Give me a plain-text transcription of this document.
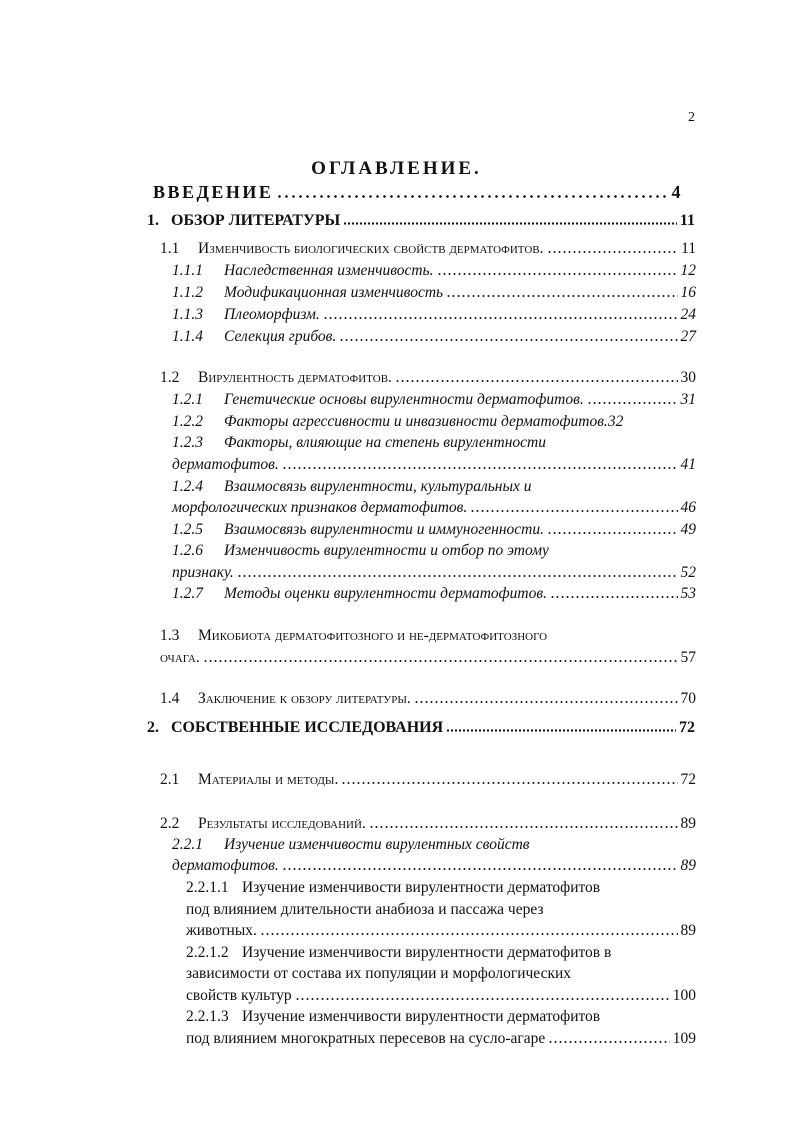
2
ОГЛАВЛЕНИЕ.
ВВЕДЕНИЕ	4
1. ОБЗОР ЛИТЕРАТУРЫ	11
1.1	Изменчивость биологических свойств дерматофитов.	11
1.1.1	Наследственная изменчивость.	12
1.1.2	Модификационная изменчивость	16
1.1.3	Плеоморфизм.	24
1.1.4	Селекция грибов.	27
1.2	Вирулентность дерматофитов.	30
1.2.1	Генетические основы вирулентности дерматофитов.	31
1.2.2	Факторы агрессивности и инвазивности дерматофитов. 32
1.2.3 Факторы, влияющие на степень вирулентности
дерматофитов.	41
1.2.4 Взаимосвязь вирулентности, культуральных и
морфологических признаков дерматофитов.	46
1.2.5	Взаимосвязь вирулентности и иммуногенности.	49
1.2.6 Изменчивость вирулентности и отбор по этому
признаку.	52
1.2.7	Методы оценки вирулентности дерматофитов.	53
1.3 Микобиота дерматофитозного и не-дерматофитозного
очага.	57
1.4	Заключение к обзору литературы.	70
2. СОБСТВЕННЫЕ ИССЛЕДОВАНИЯ	72
2.1	Материалы и методы.	72
2.2	Результаты исследований.	89
2.2.1 Изучение изменчивости вирулентных свойств
дерматофитов.	89
2.2.1.1 Изучение изменчивости вирулентности дерматофитов
под влиянием длительности анабиоза и пассажа через
животных.	89
2.2.1.2 Изучение изменчивости вирулентности дерматофитов в
зависимости от состава их популяции и морфологических
свойств культур	100
2.2.1.3 Изучение изменчивости вирулентности дерматофитов
под влиянием многократных пересевов на сусло-агаре	109
